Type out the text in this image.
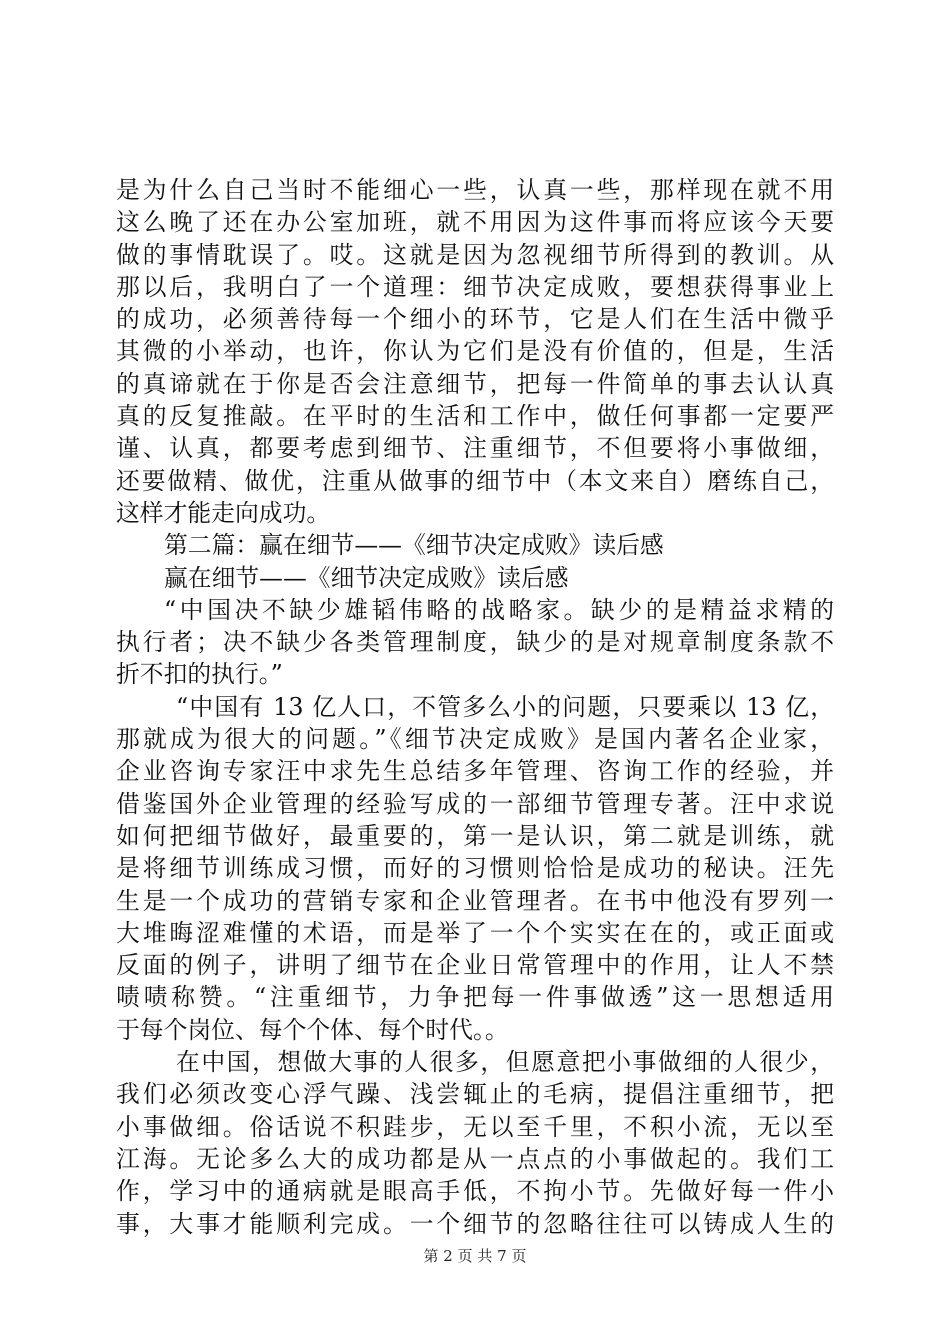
是为什么自己当时不能细心一些，认真一些，那样现在就不用
这么晚了还在办公室加班，就不用因为这件事而将应该今天要
做的事情耽误了。哎。这就是因为忽视细节所得到的教训。从
那以后，我明白了一个道理：细节决定成败，要想获得事业上
的成功，必须善待每一个细小的环节，它是人们在生活中微乎
其微的小举动，也许，你认为它们是没有价值的，但是，生活
的真谛就在于你是否会注意细节，把每一件简单的事去认认真
真的反复推敲。在平时的生活和工作中，做任何事都一定要严
谨、认真，都要考虑到细节、注重细节，不但要将小事做细，
还要做精、做优，注重从做事的细节中（本文来自）磨练自己，
这样才能走向成功。
第二篇：赢在细节——《细节决定成败》读后感
赢在细节——《细节决定成败》读后感
“中国决不缺少雄韬伟略的战略家。缺少的是精益求精的
执行者；决不缺少各类管理制度，缺少的是对规章制度条款不
折不扣的执行。”
“中国有 13 亿人口，不管多么小的问题，只要乘以 13 亿，
那就成为很大的问题。”《细节决定成败》是国内著名企业家，
企业咨询专家汪中求先生总结多年管理、咨询工作的经验，并
借鉴国外企业管理的经验写成的一部细节管理专著。汪中求说
如何把细节做好，最重要的，第一是认识，第二就是训练，就
是将细节训练成习惯，而好的习惯则恰恰是成功的秘诀。汪先
生是一个成功的营销专家和企业管理者。在书中他没有罗列一
大堆晦涩难懂的术语，而是举了一个个实实在在的，或正面或
反面的例子，讲明了细节在企业日常管理中的作用，让人不禁
啧啧称赞。“注重细节，力争把每一件事做透”这一思想适用
于每个岗位、每个个体、每个时代。。
在中国，想做大事的人很多，但愿意把小事做细的人很少，
我们必须改变心浮气躁、浅尝辄止的毛病，提倡注重细节，把
小事做细。俗话说不积跬步，无以至千里，不积小流，无以至
江海。无论多么大的成功都是从一点点的小事做起的。我们工
作，学习中的通病就是眼高手低，不拘小节。先做好每一件小
事，大事才能顺利完成。一个细节的忽略往往可以铸成人生的
第 2 页 共 7 页
